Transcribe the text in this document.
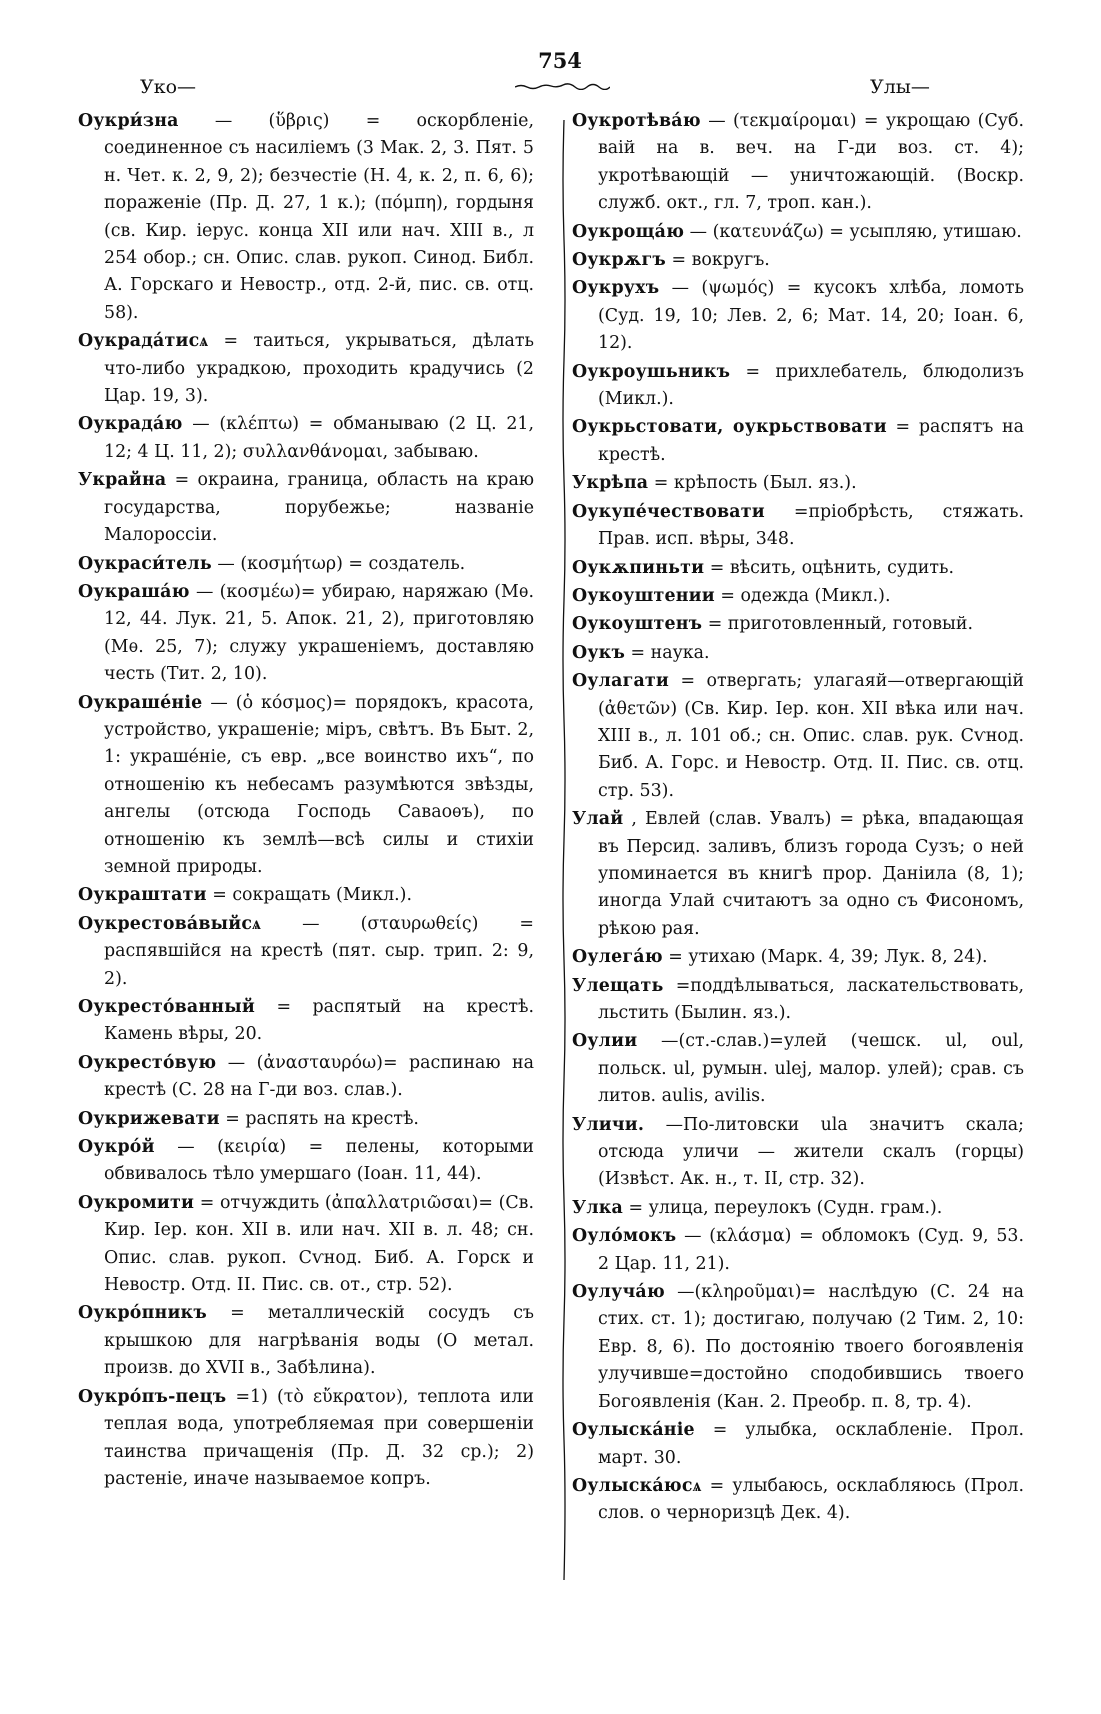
754
Уко—	Улы—

Оукри́зна — (ὕβρις) = оскорбленіе, соединенное съ насиліемъ (3 Мак. 2, 3. Пят. 5 н. Чет. к. 2, 9, 2); безчестіе (Н. 4, к. 2, п. 6, 6); пораженіе (Пр. Д. 27, 1 к.); (πόμπη), гордыня (св. Кир. іерус. конца XII или нач. XIII в., л 254 обор.; сн. Опис. слав. рукоп. Синод. Библ. А. Горскаго и Невостр., отд. 2-й, пис. св. отц. 58).

Оукрада́тисѧ = таиться, укрываться, дѣлать что-либо украдкою, проходить крадучись (2 Цар. 19, 3).

Оукрада́ю — (κλέπτω) = обманываю (2 Ц. 21, 12; 4 Ц. 11, 2); συλλανθάνομαι, забываю.

Украйна = окраина, граница, область на краю государства, порубежье; названіе Малороссіи.

Оукраси́тель — (κοσμήτωρ) = создатель.

Оукраша́ю — (κοσμέω)= убираю, наряжаю (Мѳ. 12, 44. Лук. 21, 5. Апок. 21, 2), приготовляю (Мѳ. 25, 7); служу украшеніемъ, доставляю честь (Тит. 2, 10).

Оукраше́ніе — (ὁ κόσμος)= порядокъ, красота, устройство, украшеніе; міръ, свѣтъ. Въ Быт. 2, 1: украше́ніе, съ евр. „все воинство ихъ“, по отношенію къ небесамъ разумѣются звѣзды, ангелы (отсюда Господь Саваоѳъ), по отношенію къ землѣ—всѣ силы и стихіи земной природы.

Оукраштати = сокращать (Микл.).

Оукрестова́выйсѧ — (σταυρωθείς) = распявшійся на крестѣ (пят. сыр. трип. 2: 9, 2).

Оукресто́ванный = распятый на крестѣ. Камень вѣры, 20.

Оукресто́вую — (ἀνασταυρόω)= распинаю на крестѣ (С. 28 на Г-ди воз. слав.).

Оукрижевати = распять на крестѣ.

Оукро́й — (κειρία) = пелены, которыми обвивалось тѣло умершаго (Іоан. 11, 44).

Оукромити = отчуждить (ἀπαλλατριῶσαι)= (Св. Кир. Іер. кон. XII в. или нач. XII в. л. 48; сн. Опис. слав. рукоп. Сѵнод. Биб. А. Горск и Невостр. Отд. II. Пис. св. от., стр. 52).

Оукро́пникъ = металлическій сосудъ съ крышкою для нагрѣванія воды (О метал. произв. до XVII в., Забѣлина).

Оукро́пъ-пецъ =1) (τὸ εὔκρατον), теплота или теплая вода, употребляемая при совершеніи таинства причащенія (Пр. Д. 32 ср.); 2) растеніе, иначе называемое копръ.

Оукротѣва́ю — (τεκμαίρομαι) = укрощаю (Суб. ваій на в. веч. на Г-ди воз. ст. 4); укротѣвающій — уничтожающій. (Воскр. служб. окт., гл. 7, троп. кан.).

Оукроща́ю — (κατευνάζω) = усыпляю, утишаю.

Оукрѫгъ = вокругъ.

Оукрухъ — (ψωμός) = кусокъ хлѣба, ломоть (Суд. 19, 10; Лев. 2, 6; Мат. 14, 20; Іоан. 6, 12).

Оукроушьникъ = прихлебатель, блюдолизъ (Микл.).

Оукрьстовати, оукрьствовати = распятъ на крестѣ.

Укрѣпа = крѣпость (Был. яз.).

Оукупе́чествовати =пріобрѣсть, стяжать. Прав. исп. вѣры, 348.

Оукѫпиньти = вѣсить, оцѣнить, судить.

Оукоуштении = одежда (Микл.).

Оукоуштенъ = приготовленный, готовый.

Оукъ = наука.

Оулагати = отвергать; улагаяй—отвергающій (ἀθετῶν) (Св. Кир. Іер. кон. XII вѣка или нач. XIII в., л. 101 об.; сн. Опис. слав. рук. Сѵнод. Биб. А. Горс. и Невостр. Отд. II. Пис. св. отц. стр. 53).

Улай , Евлей (слав. Увалъ) = рѣка, впадающая въ Персид. заливъ, близъ города Сузъ; о ней упоминается въ книгѣ прор. Даніила (8, 1); иногда Улай считаютъ за одно съ Фисономъ, рѣкою рая.

Оулега́ю = утихаю (Марк. 4, 39; Лук. 8, 24).

Улещать =поддѣлываться, ласкательствовать, льстить (Былин. яз.).

Оулии —(ст.-слав.)=улей (чешск. ul, oul, польск. ul, румын. ulej, малор. улей); срав. съ литов. aulis, avilis.

Уличи. —По-литовски ula значитъ скала; отсюда уличи — жители скалъ (горцы) (Извѣст. Ак. н., т. II, стр. 32).

Улка = улица, переулокъ (Судн. грам.).

Оуло́мокъ — (κλάσμα) = обломокъ (Суд. 9, 53. 2 Цар. 11, 21).

Оулуча́ю —(κληροῦμαι)= наслѣдую (С. 24 на стих. ст. 1); достигаю, получаю (2 Тим. 2, 10: Евр. 8, 6). По достоянію твоего богоявленія улучивше=достойно сподобившись твоего Богоявленія (Кан. 2. Преобр. п. 8, тр. 4).

Оулыска́ніе = улыбка, осклабленіе. Прол. март. 30.

Оулыска́юсѧ = улыбаюсь, осклабляюсь (Прол. слов. о черноризцѣ Дек. 4).
